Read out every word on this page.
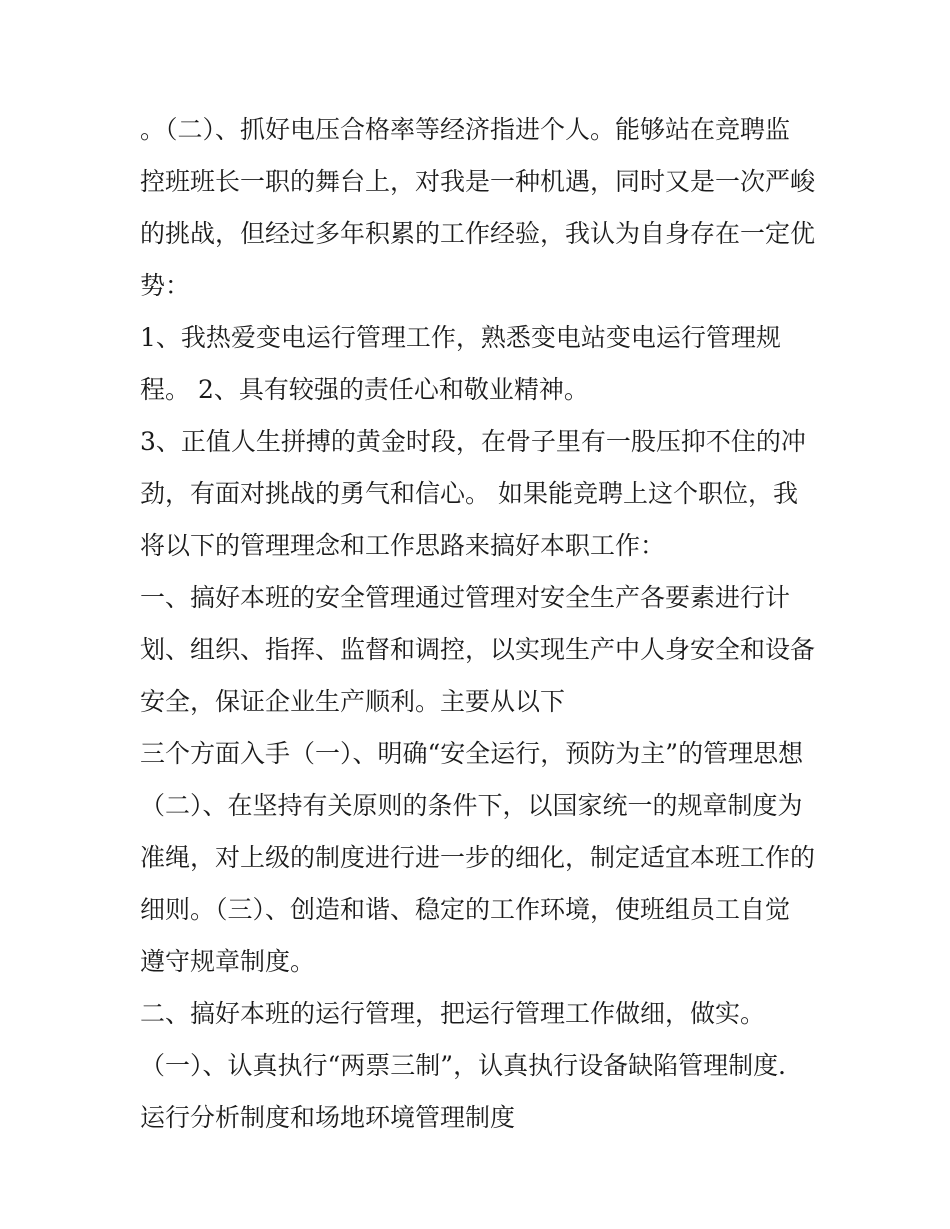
。（二）、抓好电压合格率等经济指进个人。能够站在竞聘监
控班班长一职的舞台上，对我是一种机遇，同时又是一次严峻
的挑战，但经过多年积累的工作经验，我认为自身存在一定优
势：
1、我热爱变电运行管理工作，熟悉变电站变电运行管理规
程。 2、具有较强的责任心和敬业精神。
3、正值人生拼搏的黄金时段，在骨子里有一股压抑不住的冲
劲，有面对挑战的勇气和信心。 如果能竞聘上这个职位，我
将以下的管理理念和工作思路来搞好本职工作：
一、搞好本班的安全管理通过管理对安全生产各要素进行计
划、组织、指挥、监督和调控，以实现生产中人身安全和设备
安全，保证企业生产顺利。主要从以下
三个方面入手（一）、明确“安全运行，预防为主”的管理思想
（二）、在坚持有关原则的条件下，以国家统一的规章制度为
准绳，对上级的制度进行进一步的细化，制定适宜本班工作的
细则。（三）、创造和谐、稳定的工作环境，使班组员工自觉
遵守规章制度。
二、搞好本班的运行管理，把运行管理工作做细，做实。
（一）、认真执行“两票三制”，认真执行设备缺陷管理制度．
运行分析制度和场地环境管理制度
